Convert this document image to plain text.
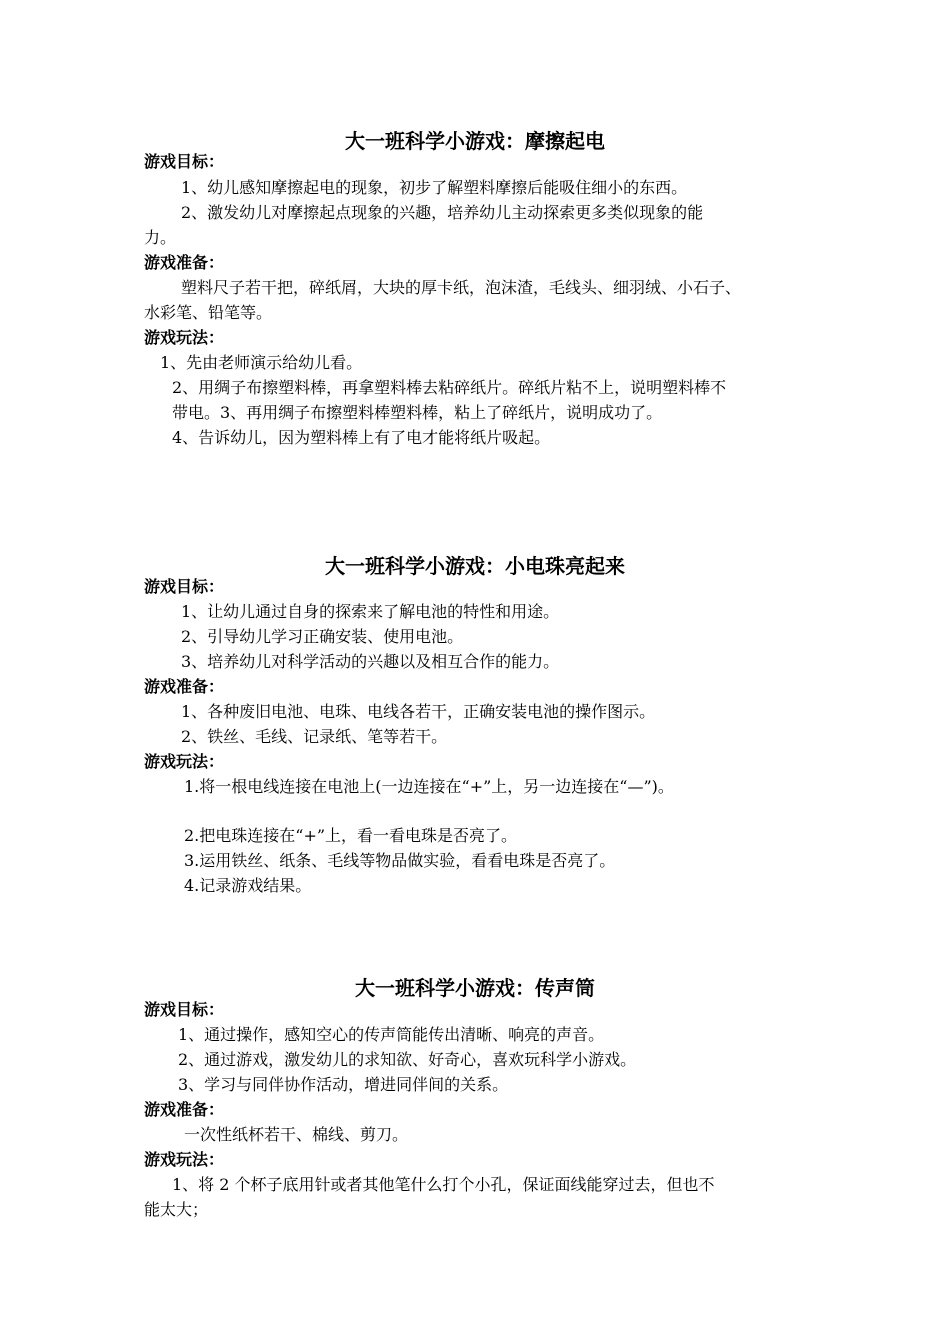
大一班科学小游戏：摩擦起电
游戏目标：
1、幼儿感知摩擦起电的现象，初步了解塑料摩擦后能吸住细小的东西。
2、激发幼儿对摩擦起点现象的兴趣，培养幼儿主动探索更多类似现象的能
力。
游戏准备：
塑料尺子若干把，碎纸屑，大块的厚卡纸，泡沫渣，毛线头、细羽绒、小石子、
水彩笔、铅笔等。
游戏玩法：
1、先由老师演示给幼儿看。
2、用绸子布擦塑料棒，再拿塑料棒去粘碎纸片。碎纸片粘不上，说明塑料棒不
带电。3、再用绸子布擦塑料棒塑料棒，粘上了碎纸片，说明成功了。
4、告诉幼儿，因为塑料棒上有了电才能将纸片吸起。
大一班科学小游戏：小电珠亮起来
游戏目标：
1、让幼儿通过自身的探索来了解电池的特性和用途。
2、引导幼儿学习正确安装、使用电池。
3、培养幼儿对科学活动的兴趣以及相互合作的能力。
游戏准备：
1、各种废旧电池、电珠、电线各若干，正确安装电池的操作图示。
2、铁丝、毛线、记录纸、笔等若干。
游戏玩法：
1.将一根电线连接在电池上(一边连接在“+”上，另一边连接在“—”)。
2.把电珠连接在“+”上，看一看电珠是否亮了。
3.运用铁丝、纸条、毛线等物品做实验，看看电珠是否亮了。
4.记录游戏结果。
大一班科学小游戏：传声筒
游戏目标：
1、通过操作，感知空心的传声筒能传出清晰、响亮的声音。
2、通过游戏，激发幼儿的求知欲、好奇心，喜欢玩科学小游戏。
3、学习与同伴协作活动，增进同伴间的关系。
游戏准备：
一次性纸杯若干、棉线、剪刀。
游戏玩法：
1、将 2 个杯子底用针或者其他笔什么打个小孔，保证面线能穿过去，但也不
能太大；
